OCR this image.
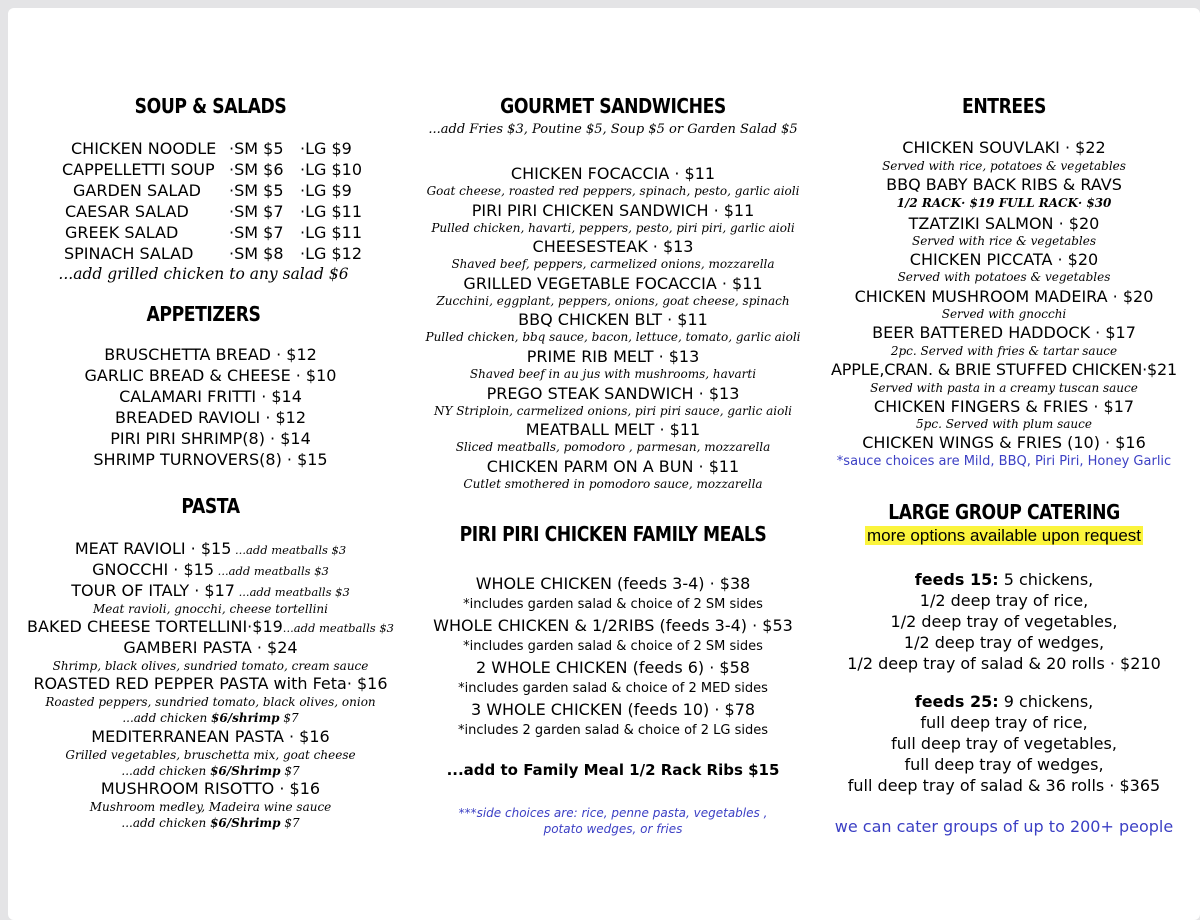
SOUP & SALADS
CHICKEN NOODLE ·SM $5 ·LG $9
CAPPELLETTI SOUP ·SM $6 ·LG $10
GARDEN SALAD ·SM $5 ·LG $9
CAESAR SALAD	·SM $7 ·LG $11
GREEK SALAD	·SM $7 ·LG $11
SPINACH SALAD ·SM $8 ·LG $12
...add grilled chicken to any salad $6
APPETIZERS
BRUSCHETTA BREAD · $12
GARLIC BREAD & CHEESE · $10
CALAMARI FRITTI · $14
BREADED RAVIOLI · $12
PIRI PIRI SHRIMP(8) · $14
SHRIMP TURNOVERS(8) · $15
PASTA
MEAT RAVIOLI · $15 ...add meatballs $3
GNOCCHI · $15 ...add meatballs $3
TOUR OF ITALY · $17 ...add meatballs $3
Meat ravioli, gnocchi, cheese tortellini
BAKED CHEESE TORTELLINI·$19...add meatballs $3
GAMBERI PASTA · $24
Shrimp, black olives, sundried tomato, cream sauce
ROASTED RED PEPPER PASTA with Feta· $16
Roasted peppers, sundried tomato, black olives, onion
...add chicken $6/shrimp $7
MEDITERRANEAN PASTA · $16
Grilled vegetables, bruschetta mix, goat cheese
...add chicken $6/Shrimp $7
MUSHROOM RISOTTO · $16
Mushroom medley, Madeira wine sauce
...add chicken $6/Shrimp $7
GOURMET SANDWICHES
...add Fries $3, Poutine $5, Soup $5 or Garden Salad $5
CHICKEN FOCACCIA · $11
Goat cheese, roasted red peppers, spinach, pesto, garlic aioli
PIRI PIRI CHICKEN SANDWICH · $11
Pulled chicken, havarti, peppers, pesto, piri piri, garlic aioli
CHEESESTEAK · $13
Shaved beef, peppers, carmelized onions, mozzarella
GRILLED VEGETABLE FOCACCIA · $11
Zucchini, eggplant, peppers, onions, goat cheese, spinach
BBQ CHICKEN BLT · $11
Pulled chicken, bbq sauce, bacon, lettuce, tomato, garlic aioli
PRIME RIB MELT · $13
Shaved beef in au jus with mushrooms, havarti
PREGO STEAK SANDWICH · $13
NY Striploin, carmelized onions, piri piri sauce, garlic aioli
MEATBALL MELT · $11
Sliced meatballs, pomodoro , parmesan, mozzarella
CHICKEN PARM ON A BUN · $11
Cutlet smothered in pomodoro sauce, mozzarella
PIRI PIRI CHICKEN FAMILY MEALS
WHOLE CHICKEN (feeds 3-4) · $38
*includes garden salad & choice of 2 SM sides
WHOLE CHICKEN & 1/2RIBS (feeds 3-4) · $53
*includes garden salad & choice of 2 SM sides
2 WHOLE CHICKEN (feeds 6) · $58
*includes garden salad & choice of 2 MED sides
3 WHOLE CHICKEN (feeds 10) · $78
*includes 2 garden salad & choice of 2 LG sides
...add to Family Meal 1/2 Rack Ribs $15
***side choices are: rice, penne pasta, vegetables ,
potato wedges, or fries
ENTREES
CHICKEN SOUVLAKI · $22
Served with rice, potatoes & vegetables
BBQ BABY BACK RIBS & RAVS
1/2 RACK· $19 FULL RACK· $30
TZATZIKI SALMON · $20
Served with rice & vegetables
CHICKEN PICCATA · $20
Served with potatoes & vegetables
CHICKEN MUSHROOM MADEIRA · $20
Served with gnocchi
BEER BATTERED HADDOCK · $17
2pc. Served with fries & tartar sauce
APPLE,CRAN. & BRIE STUFFED CHICKEN·$21
Served with pasta in a creamy tuscan sauce
CHICKEN FINGERS & FRIES · $17
5pc. Served with plum sauce
CHICKEN WINGS & FRIES (10) · $16
*sauce choices are Mild, BBQ, Piri Piri, Honey Garlic
LARGE GROUP CATERING
more options available upon request
feeds 15: 5 chickens,
1/2 deep tray of rice,
1/2 deep tray of vegetables,
1/2 deep tray of wedges,
1/2 deep tray of salad & 20 rolls · $210
feeds 25: 9 chickens,
full deep tray of rice,
full deep tray of vegetables,
full deep tray of wedges,
full deep tray of salad & 36 rolls · $365
we can cater groups of up to 200+ people
